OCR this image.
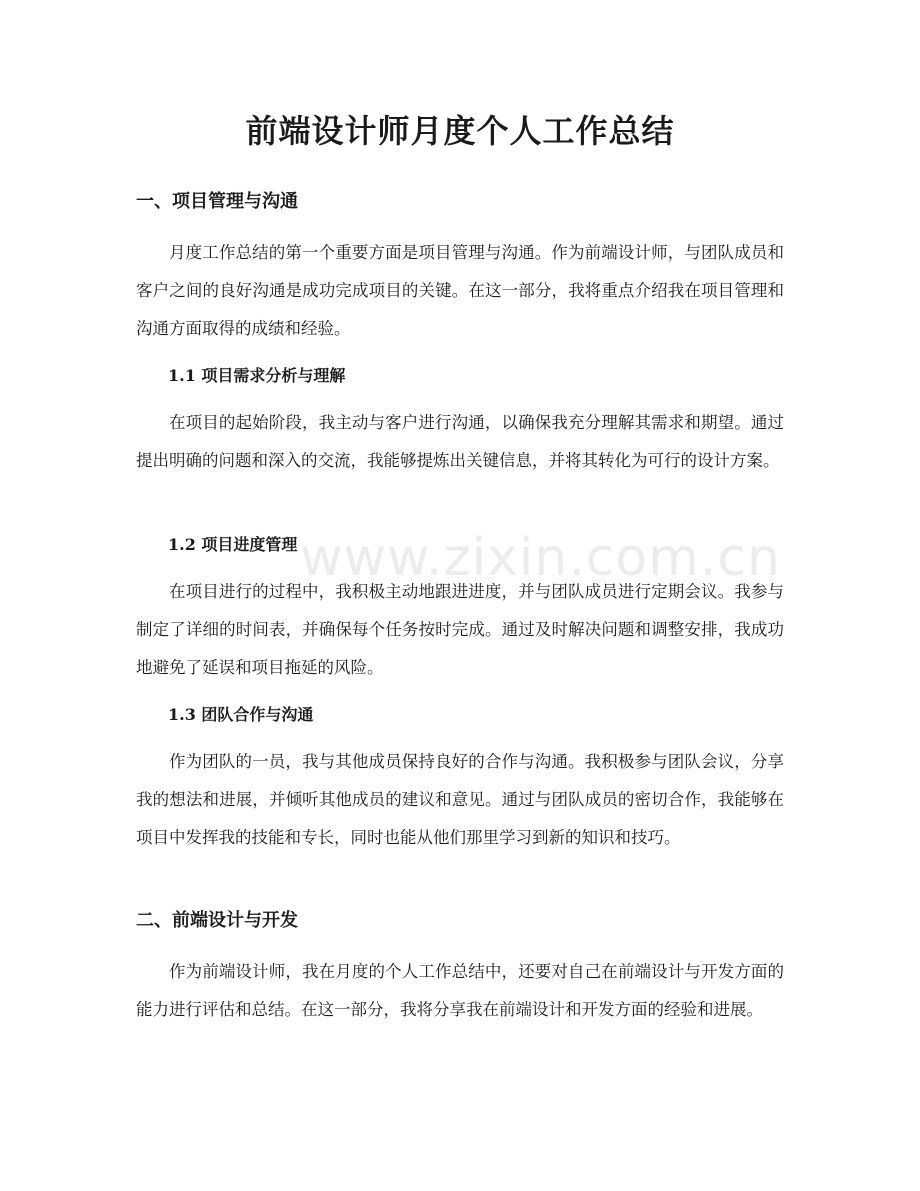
www.zixin.com.cn
前端设计师月度个人工作总结
一、项目管理与沟通

月度工作总结的第一个重要方面是项目管理与沟通。作为前端设计师，与团队成员和客户之间的良好沟通是成功完成项目的关键。在这一部分，我将重点介绍我在项目管理和沟通方面取得的成绩和经验。

1.1 项目需求分析与理解

在项目的起始阶段，我主动与客户进行沟通，以确保我充分理解其需求和期望。通过提出明确的问题和深入的交流，我能够提炼出关键信息，并将其转化为可行的设计方案。

1.2 项目进度管理

在项目进行的过程中，我积极主动地跟进进度，并与团队成员进行定期会议。我参与制定了详细的时间表，并确保每个任务按时完成。通过及时解决问题和调整安排，我成功地避免了延误和项目拖延的风险。

1.3 团队合作与沟通

作为团队的一员，我与其他成员保持良好的合作与沟通。我积极参与团队会议，分享我的想法和进展，并倾听其他成员的建议和意见。通过与团队成员的密切合作，我能够在项目中发挥我的技能和专长，同时也能从他们那里学习到新的知识和技巧。

二、前端设计与开发

作为前端设计师，我在月度的个人工作总结中，还要对自己在前端设计与开发方面的能力进行评估和总结。在这一部分，我将分享我在前端设计和开发方面的经验和进展。
